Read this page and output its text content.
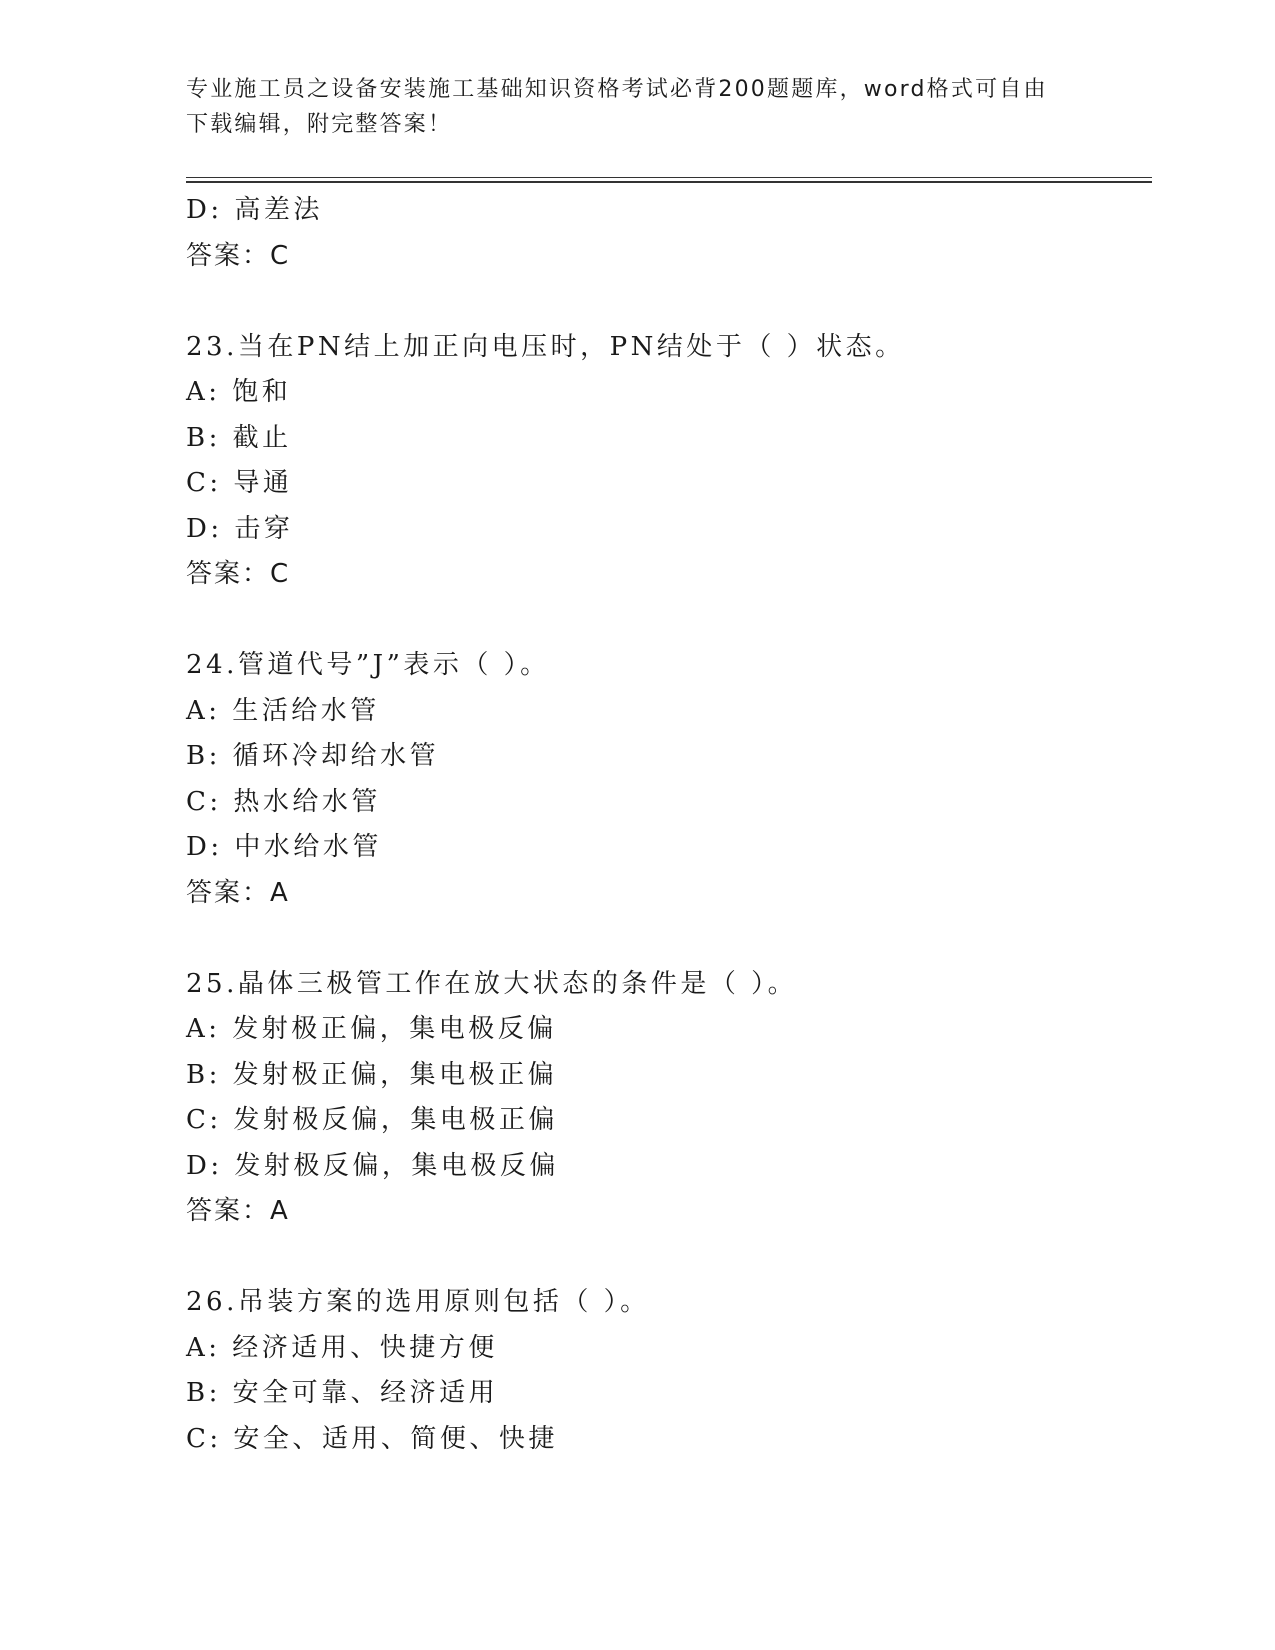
专业施工员之设备安装施工基础知识资格考试必背200题题库，word格式可自由
下载编辑，附完整答案！
D: 高差法
答案：C
23.当在PN结上加正向电压时，PN结处于（ ）状态。
A: 饱和
B: 截止
C: 导通
D: 击穿
答案：C
24.管道代号”J”表示（ ）。
A: 生活给水管
B: 循环冷却给水管
C: 热水给水管
D: 中水给水管
答案：A
25.晶体三极管工作在放大状态的条件是（ ）。
A: 发射极正偏，集电极反偏
B: 发射极正偏，集电极正偏
C: 发射极反偏，集电极正偏
D: 发射极反偏，集电极反偏
答案：A
26.吊装方案的选用原则包括（ ）。
A: 经济适用、快捷方便
B: 安全可靠、经济适用
C: 安全、适用、简便、快捷
